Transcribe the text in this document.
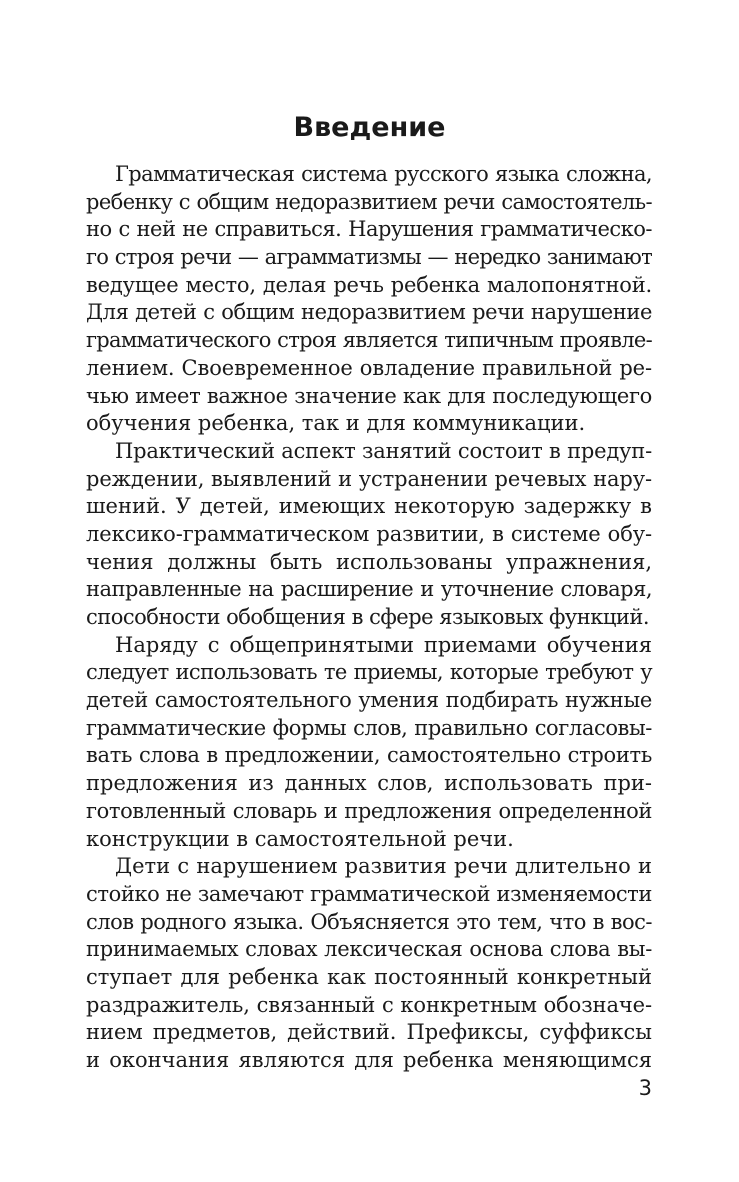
Введение
Грамматическая система русского языка сложна,
ребенку с общим недоразвитием речи самостоятель-
но с ней не справиться. Нарушения грамматическо-
го строя речи — аграмматизмы — нередко занимают
ведущее место, делая речь ребенка малопонятной.
Для детей с общим недоразвитием речи нарушение
грамматического строя является типичным проявле-
лением. Своевременное овладение правильной ре-
чью имеет важное значение как для последующего
обучения ребенка, так и для коммуникации.
Практический аспект занятий состоит в предуп-
реждении, выявлений и устранении речевых нару-
шений. У детей, имеющих некоторую задержку в
лексико-грамматическом развитии, в системе обу-
чения должны быть использованы упражнения,
направленные на расширение и уточнение словаря,
способности обобщения в сфере языковых функций.
Наряду с общепринятыми приемами обучения
следует использовать те приемы, которые требуют у
детей самостоятельного умения подбирать нужные
грамматические формы слов, правильно согласовы-
вать слова в предложении, самостоятельно строить
предложения из данных слов, использовать при-
готовленный словарь и предложения определенной
конструкции в самостоятельной речи.
Дети с нарушением развития речи длительно и
стойко не замечают грамматической изменяемости
слов родного языка. Объясняется это тем, что в вос-
принимаемых словах лексическая основа слова вы-
ступает для ребенка как постоянный конкретный
раздражитель, связанный с конкретным обозначе-
нием предметов, действий. Префиксы, суффиксы
и окончания являются для ребенка меняющимся
3
